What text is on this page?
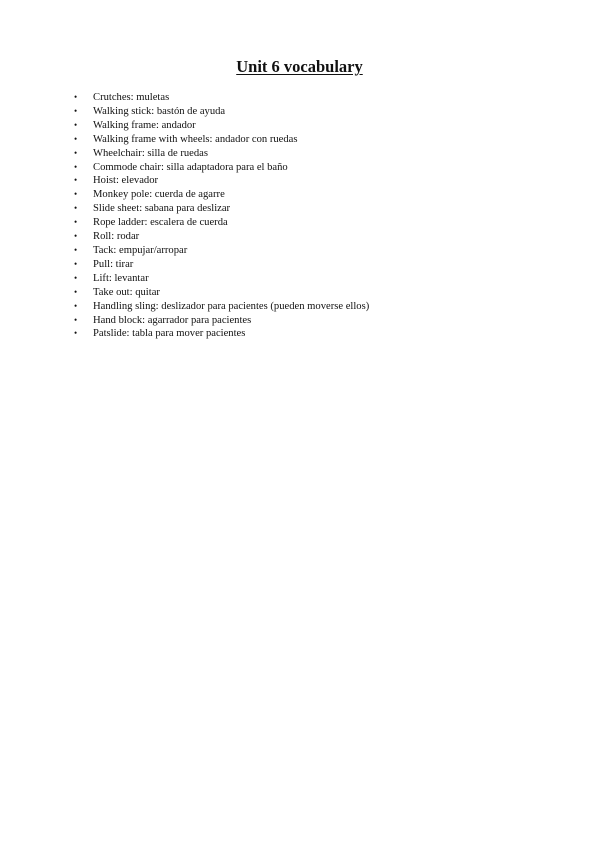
Unit 6 vocabulary
• Crutches: muletas
• Walking stick: bastón de ayuda
• Walking frame: andador
• Walking frame with wheels: andador con ruedas
• Wheelchair: silla de ruedas
• Commode chair: silla adaptadora para el baño
• Hoist: elevador
• Monkey pole: cuerda de agarre
• Slide sheet: sabana para deslizar
• Rope ladder: escalera de cuerda
• Roll: rodar
• Tack: empujar/arropar
• Pull: tirar
• Lift: levantar
• Take out: quitar
• Handling sling: deslizador para pacientes (pueden moverse ellos)
• Hand block: agarrador para pacientes
• Patslide: tabla para mover pacientes
